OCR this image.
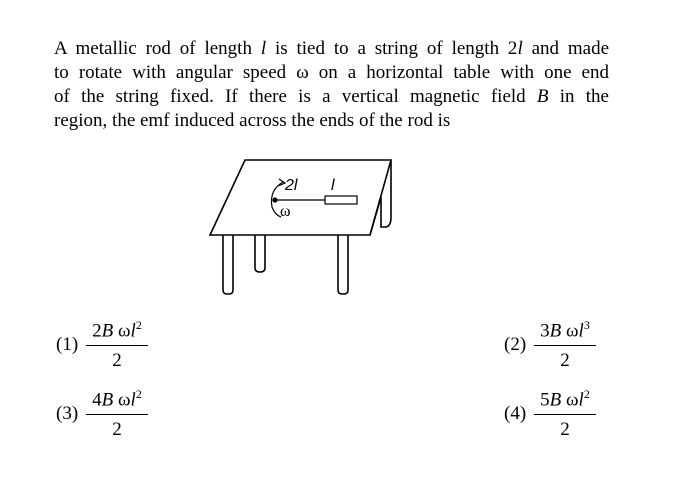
A metallic rod of length l is tied to a string of length 2l and made
to rotate with angular speed ω on a horizontal table with one end
of the string fixed. If there is a vertical magnetic field B in the
region, the emf induced across the ends of the rod is
2l l
ω
$(1) \frac{2B \omega l^2}{2}$	$(2) \frac{3B \omega l^3}{2}$
$(3) \frac{4B \omega l^2}{2}$	$(4) \frac{5B \omega l^2}{2}$
